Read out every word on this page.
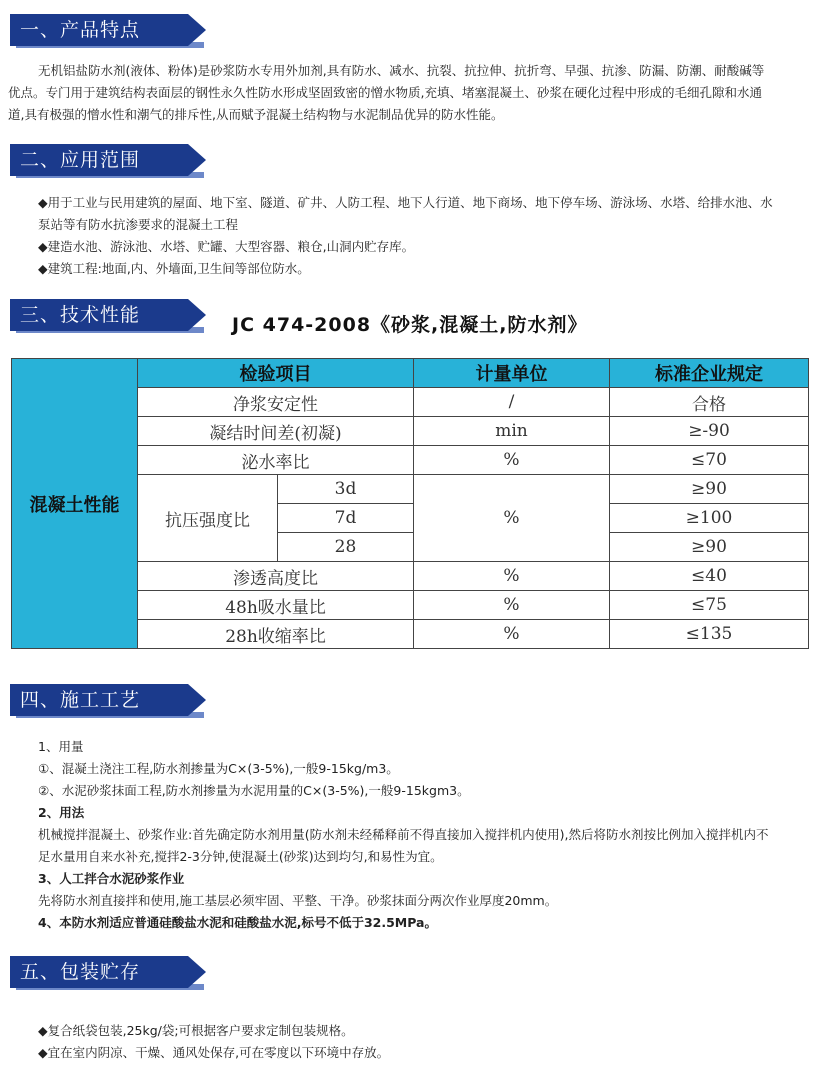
一、产品特点
无机铝盐防水剂(液体、粉体)是砂浆防水专用外加剂,具有防水、减水、抗裂、抗拉伸、抗折弯、早强、抗渗、防漏、防潮、耐酸碱等
优点。专门用于建筑结构表面层的钢性永久性防水形成坚固致密的憎水物质,充填、堵塞混凝土、砂浆在硬化过程中形成的毛细孔隙和水通
道,具有极强的憎水性和潮气的排斥性,从而赋予混凝土结构物与水泥制品优异的防水性能。
二、应用范围
◆用于工业与民用建筑的屋面、地下室、隧道、矿井、人防工程、地下人行道、地下商场、地下停车场、游泳场、水塔、给排水池、水
泵站等有防水抗渗要求的混凝土工程
◆建造水池、游泳池、水塔、贮罐、大型容器、粮仓,山洞内贮存库。
◆建筑工程:地面,内、外墙面,卫生间等部位防水。
三、技术性能	JC 474-2008《砂浆,混凝土,防水剂》
混凝土性能	检验项目		计量单位	标准企业规定
	净浆安定性		/	合格
	凝结时间差(初凝)		min	≥-90
	泌水率比		%	≤70
	抗压强度比	3d	%	≥90
		7d		≥100
		28		≥90
	渗透高度比		%	≤40
	48h吸水量比		%	≤75
	28h收缩率比		%	≤135
四、施工工艺
1、用量
①、混凝土浇注工程,防水剂掺量为C×(3-5%),一般9-15kg/m3。
②、水泥砂浆抹面工程,防水剂掺量为水泥用量的C×(3-5%),一般9-15kgm3。
2、用法
机械搅拌混凝土、砂浆作业:首先确定防水剂用量(防水剂未经稀释前不得直接加入搅拌机内使用),然后将防水剂按比例加入搅拌机内不
足水量用自来水补充,搅拌2-3分钟,使混凝土(砂浆)达到均匀,和易性为宜。
3、人工拌合水泥砂浆作业
先将防水剂直接拌和使用,施工基层必须牢固、平整、干净。砂浆抹面分两次作业厚度20mm。
4、本防水剂适应普通硅酸盐水泥和硅酸盐水泥,标号不低于32.5MPa。
五、包装贮存
◆复合纸袋包装,25kg/袋;可根据客户要求定制包装规格。
◆宜在室内阴凉、干燥、通风处保存,可在零度以下环境中存放。
